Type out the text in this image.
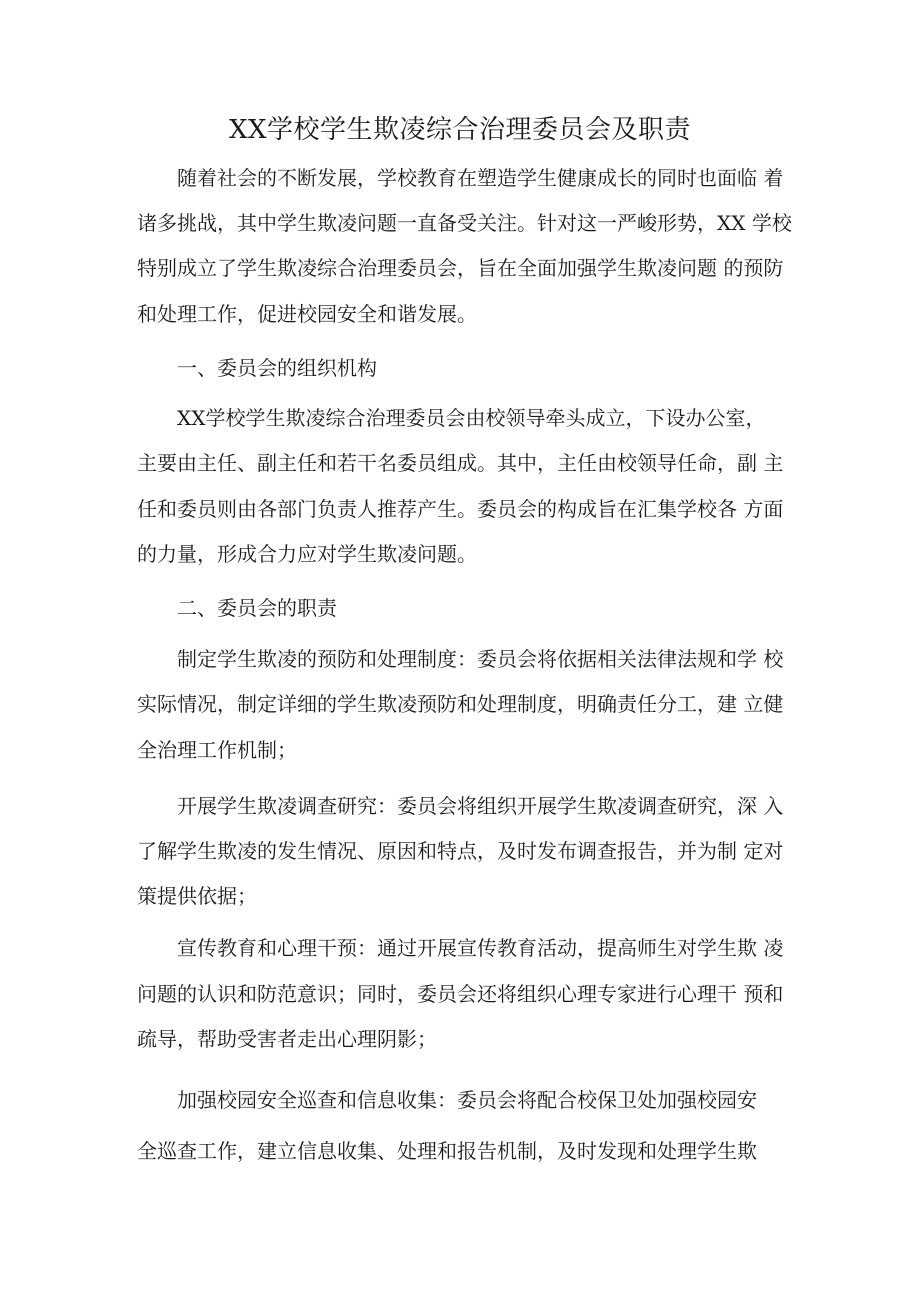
XX学校学生欺凌综合治理委员会及职责
随着社会的不断发展，学校教育在塑造学生健康成长的同时也面临 着
诸多挑战，其中学生欺凌问题一直备受关注。针对这一严峻形势，XX 学校
特别成立了学生欺凌综合治理委员会，旨在全面加强学生欺凌问题 的预防
和处理工作，促进校园安全和谐发展。
一、委员会的组织机构
XX学校学生欺凌综合治理委员会由校领导牵头成立，下设办公室，
主要由主任、副主任和若干名委员组成。其中，主任由校领导任命，副 主
任和委员则由各部门负责人推荐产生。委员会的构成旨在汇集学校各 方面
的力量，形成合力应对学生欺凌问题。
二、委员会的职责
制定学生欺凌的预防和处理制度：委员会将依据相关法律法规和学 校
实际情况，制定详细的学生欺凌预防和处理制度，明确责任分工，建 立健
全治理工作机制；
开展学生欺凌调查研究：委员会将组织开展学生欺凌调查研究，深 入
了解学生欺凌的发生情况、原因和特点，及时发布调查报告，并为制 定对
策提供依据；
宣传教育和心理干预：通过开展宣传教育活动，提高师生对学生欺 凌
问题的认识和防范意识；同时，委员会还将组织心理专家进行心理干 预和
疏导，帮助受害者走出心理阴影；
加强校园安全巡查和信息收集：委员会将配合校保卫处加强校园安
全巡查工作，建立信息收集、处理和报告机制，及时发现和处理学生欺
